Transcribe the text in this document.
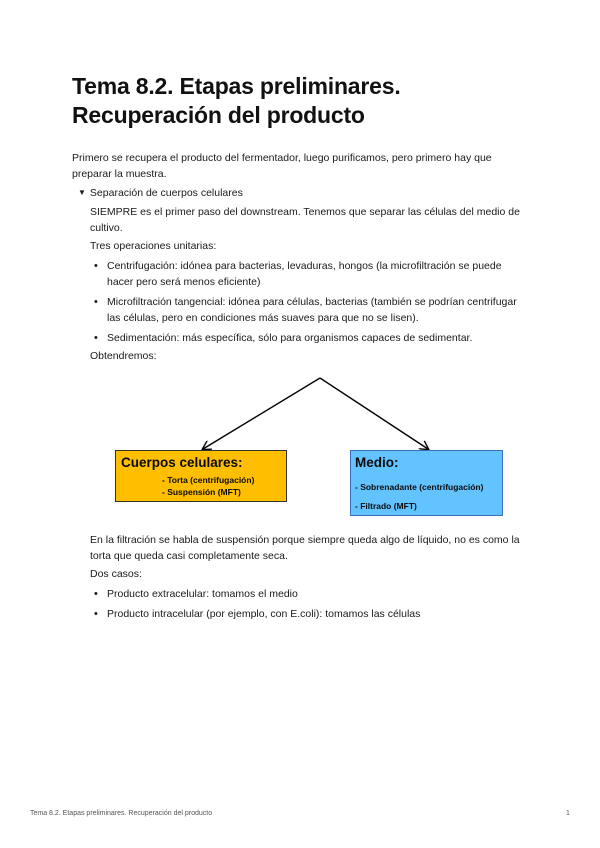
Tema 8.2. Etapas preliminares. Recuperación del producto

Primero se recupera el producto del fermentador, luego purificamos, pero primero hay que preparar la muestra.

▼ Separación de cuerpos celulares

SIEMPRE es el primer paso del downstream. Tenemos que separar las células del medio de cultivo.

Tres operaciones unitarias:

• Centrifugación: idónea para bacterias, levaduras, hongos (la microfiltración se puede hacer pero será menos eficiente)
• Microfiltración tangencial: idónea para células, bacterias (también se podrían centrifugar las células, pero en condiciones más suaves para que no se lisen).
• Sedimentación: más específica, sólo para organismos capaces de sedimentar.

Obtendremos:

Cuerpos celulares:
- Torta (centrifugación)
- Suspensión (MFT)
Medio:
- Sobrenadante (centrifugación)
- Filtrado (MFT)

En la filtración se habla de suspensión porque siempre queda algo de líquido, no es como la torta que queda casi completamente seca.

Dos casos:

• Producto extracelular: tomamos el medio
• Producto intracelular (por ejemplo, con E.coli): tomamos las células
Tema 8.2. Etapas preliminares. Recuperación del producto	1
